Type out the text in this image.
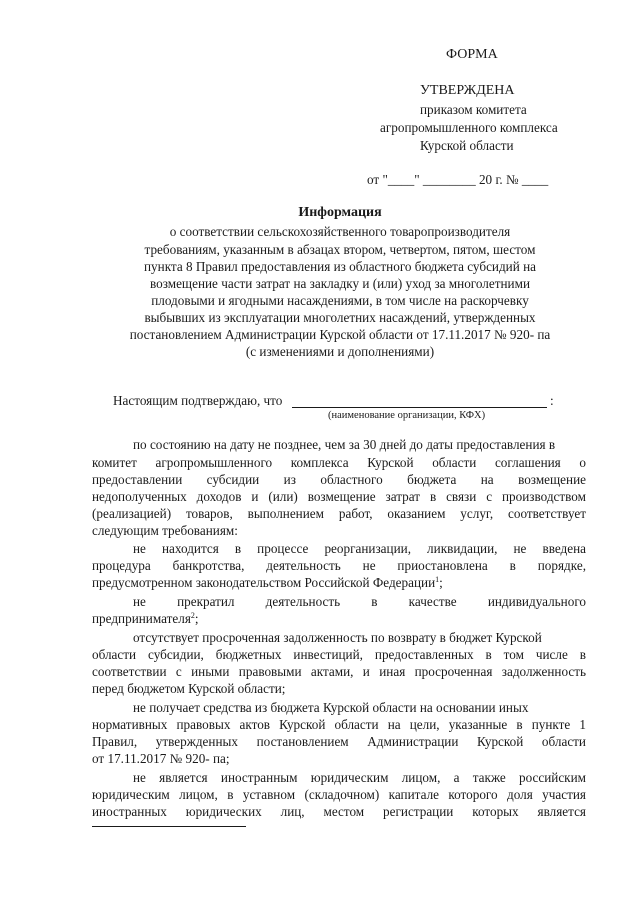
ФОРМА
УТВЕРЖДЕНА
приказом комитета
агропромышленного комплекса
Курской области
от "____" ________ 20 г. № ____
Информация
о соответствии сельскохозяйственного товаропроизводителя
требованиям, указанным в абзацах втором, четвертом, пятом, шестом
пункта 8 Правил предоставления из областного бюджета субсидий на
возмещение части затрат на закладку и (или) уход за многолетними
плодовыми и ягодными насаждениями, в том числе на раскорчевку
выбывших из эксплуатации многолетних насаждений, утвержденных
постановлением Администрации Курской области от 17.11.2017 № 920- па
(с изменениями и дополнениями)
Настоящим подтверждаю, что	:
(наименование организации, КФХ)
по состоянию на дату не позднее, чем за 30 дней до даты предоставления в
комитет агропромышленного комплекса Курской области соглашения о
предоставлении субсидии из областного бюджета на возмещение
недополученных доходов и (или) возмещение затрат в связи с производством
(реализацией) товаров, выполнением работ, оказанием услуг, соответствует
следующим требованиям:
не находится в процессе реорганизации, ликвидации, не введена
процедура банкротства, деятельность не приостановлена в порядке,
предусмотренном законодательством Российской Федерации$^1$;
не прекратил деятельность в качестве индивидуального
предпринимателя$^2$;
отсутствует просроченная задолженность по возврату в бюджет Курской
области субсидии, бюджетных инвестиций, предоставленных в том числе в
соответствии с иными правовыми актами, и иная просроченная задолженность
перед бюджетом Курской области;
не получает средства из бюджета Курской области на основании иных
нормативных правовых актов Курской области на цели, указанные в пункте 1
Правил, утвержденных постановлением Администрации Курской области
от 17.11.2017 № 920- па;
не является иностранным юридическим лицом, а также российским
юридическим лицом, в уставном (складочном) капитале которого доля участия
иностранных юридических лиц, местом регистрации которых является
